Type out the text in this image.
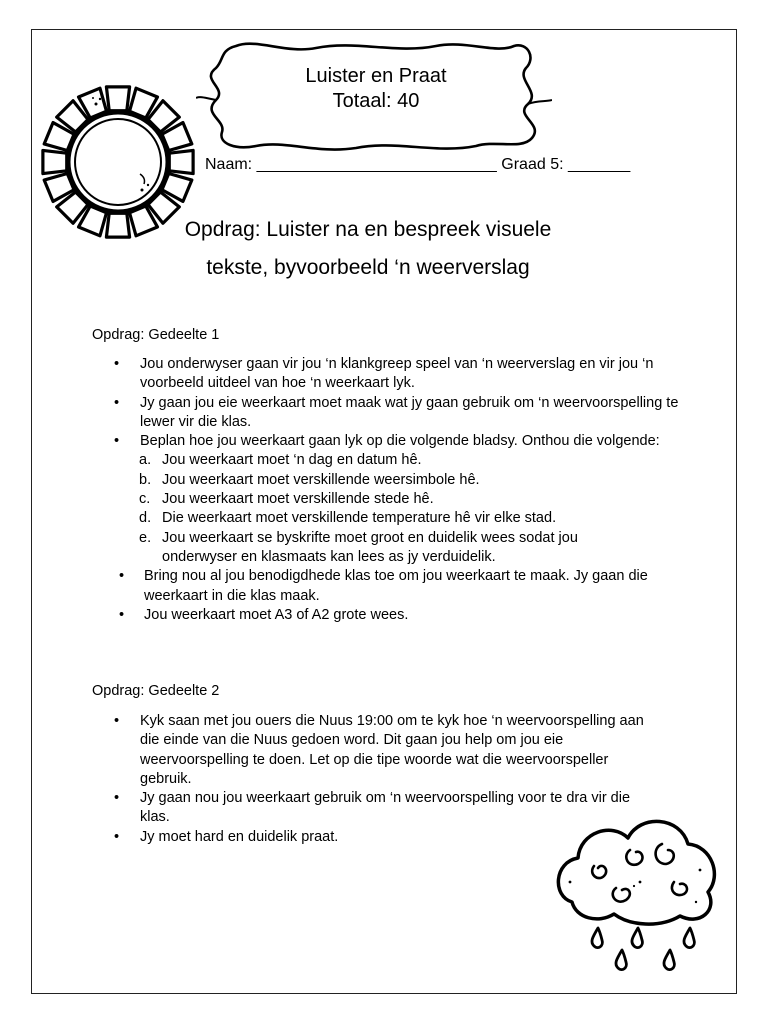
Luister en Praat
Totaal: 40
Naam: ___________________________ Graad 5: _______
Opdrag: Luister na en bespreek visuele
tekste, byvoorbeeld ‘n weerverslag
Opdrag: Gedeelte 1
• Jou onderwyser gaan vir jou ‘n klankgreep speel van ‘n weerverslag en vir jou ‘n voorbeeld uitdeel van hoe ‘n weerkaart lyk.
• Jy gaan jou eie weerkaart moet maak wat jy gaan gebruik om ‘n weervoorspelling te lewer vir die klas.
• Beplan hoe jou weerkaart gaan lyk op die volgende bladsy. Onthou die volgende:
a. Jou weerkaart moet ‘n dag en datum hê.
b. Jou weerkaart moet verskillende weersimbole hê.
c. Jou weerkaart moet verskillende stede hê.
d. Die weerkaart moet verskillende temperature hê vir elke stad.
e. Jou weerkaart se byskrifte moet groot en duidelik wees sodat jou onderwyser en klasmaats kan lees as jy verduidelik.
• Bring nou al jou benodigdhede klas toe om jou weerkaart te maak. Jy gaan die weerkaart in die klas maak.
• Jou weerkaart moet A3 of A2 grote wees.
Opdrag: Gedeelte 2
• Kyk saan met jou ouers die Nuus 19:00 om te kyk hoe ‘n weervoorspelling aan die einde van die Nuus gedoen word. Dit gaan jou help om jou eie weervoorspelling te doen. Let op die tipe woorde wat die weervoorspeller gebruik.
• Jy gaan nou jou weerkaart gebruik om ‘n weervoorspelling voor te dra vir die klas.
• Jy moet hard en duidelik praat.
